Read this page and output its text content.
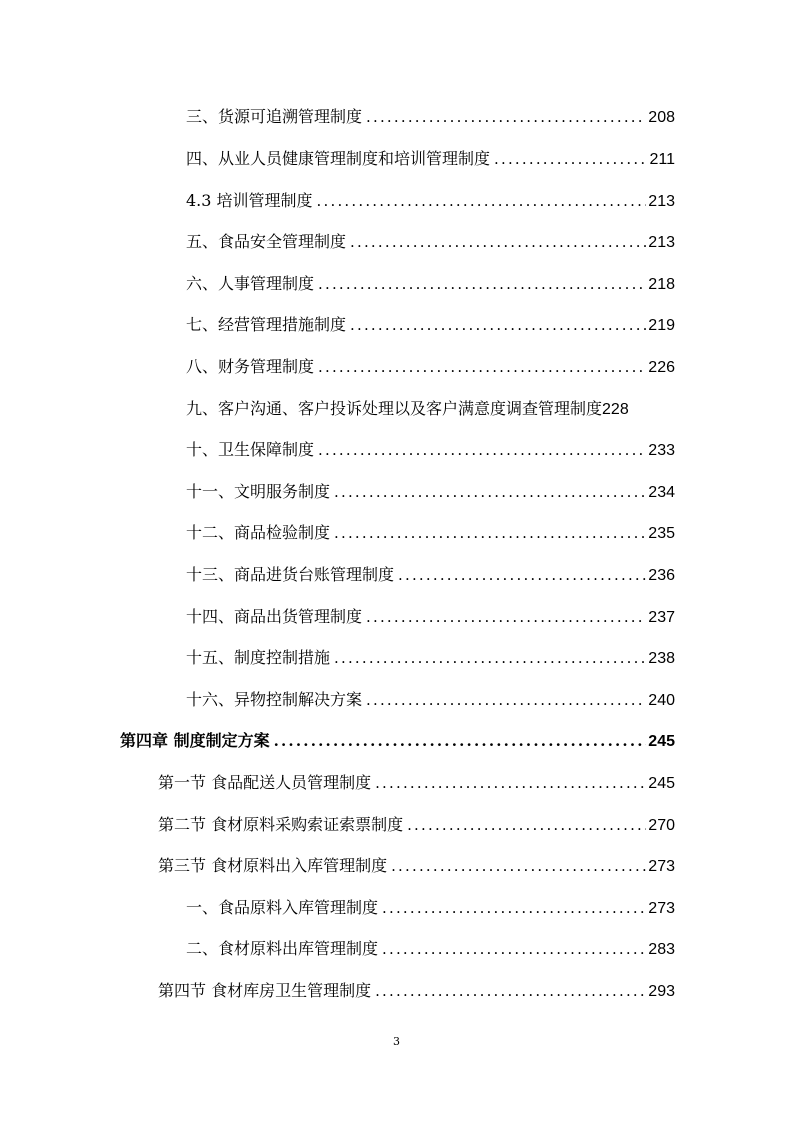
三、货源可追溯管理制度 .....	208
四、从业人员健康管理制度和培训管理制度 .....	211
4.3 培训管理制度 .....	213
五、食品安全管理制度 .....	213
六、人事管理制度 .....	218
七、经营管理措施制度 .....	219
八、财务管理制度 .....	226
九、客户沟通、客户投诉处理以及客户满意度调查管理制度 228
十、卫生保障制度 .....	233
十一、文明服务制度 .....	234
十二、商品检验制度 .....	235
十三、商品进货台账管理制度 .....	236
十四、商品出货管理制度 .....	237
十五、制度控制措施 .....	238
十六、异物控制解决方案 .....	240
第四章 制度制定方案 .....	245
第一节 食品配送人员管理制度 .....	245
第二节 食材原料采购索证索票制度 .....	270
第三节 食材原料出入库管理制度 .....	273
一、食品原料入库管理制度 .....	273
二、食材原料出库管理制度 .....	283
第四节 食材库房卫生管理制度 .....	293
3
